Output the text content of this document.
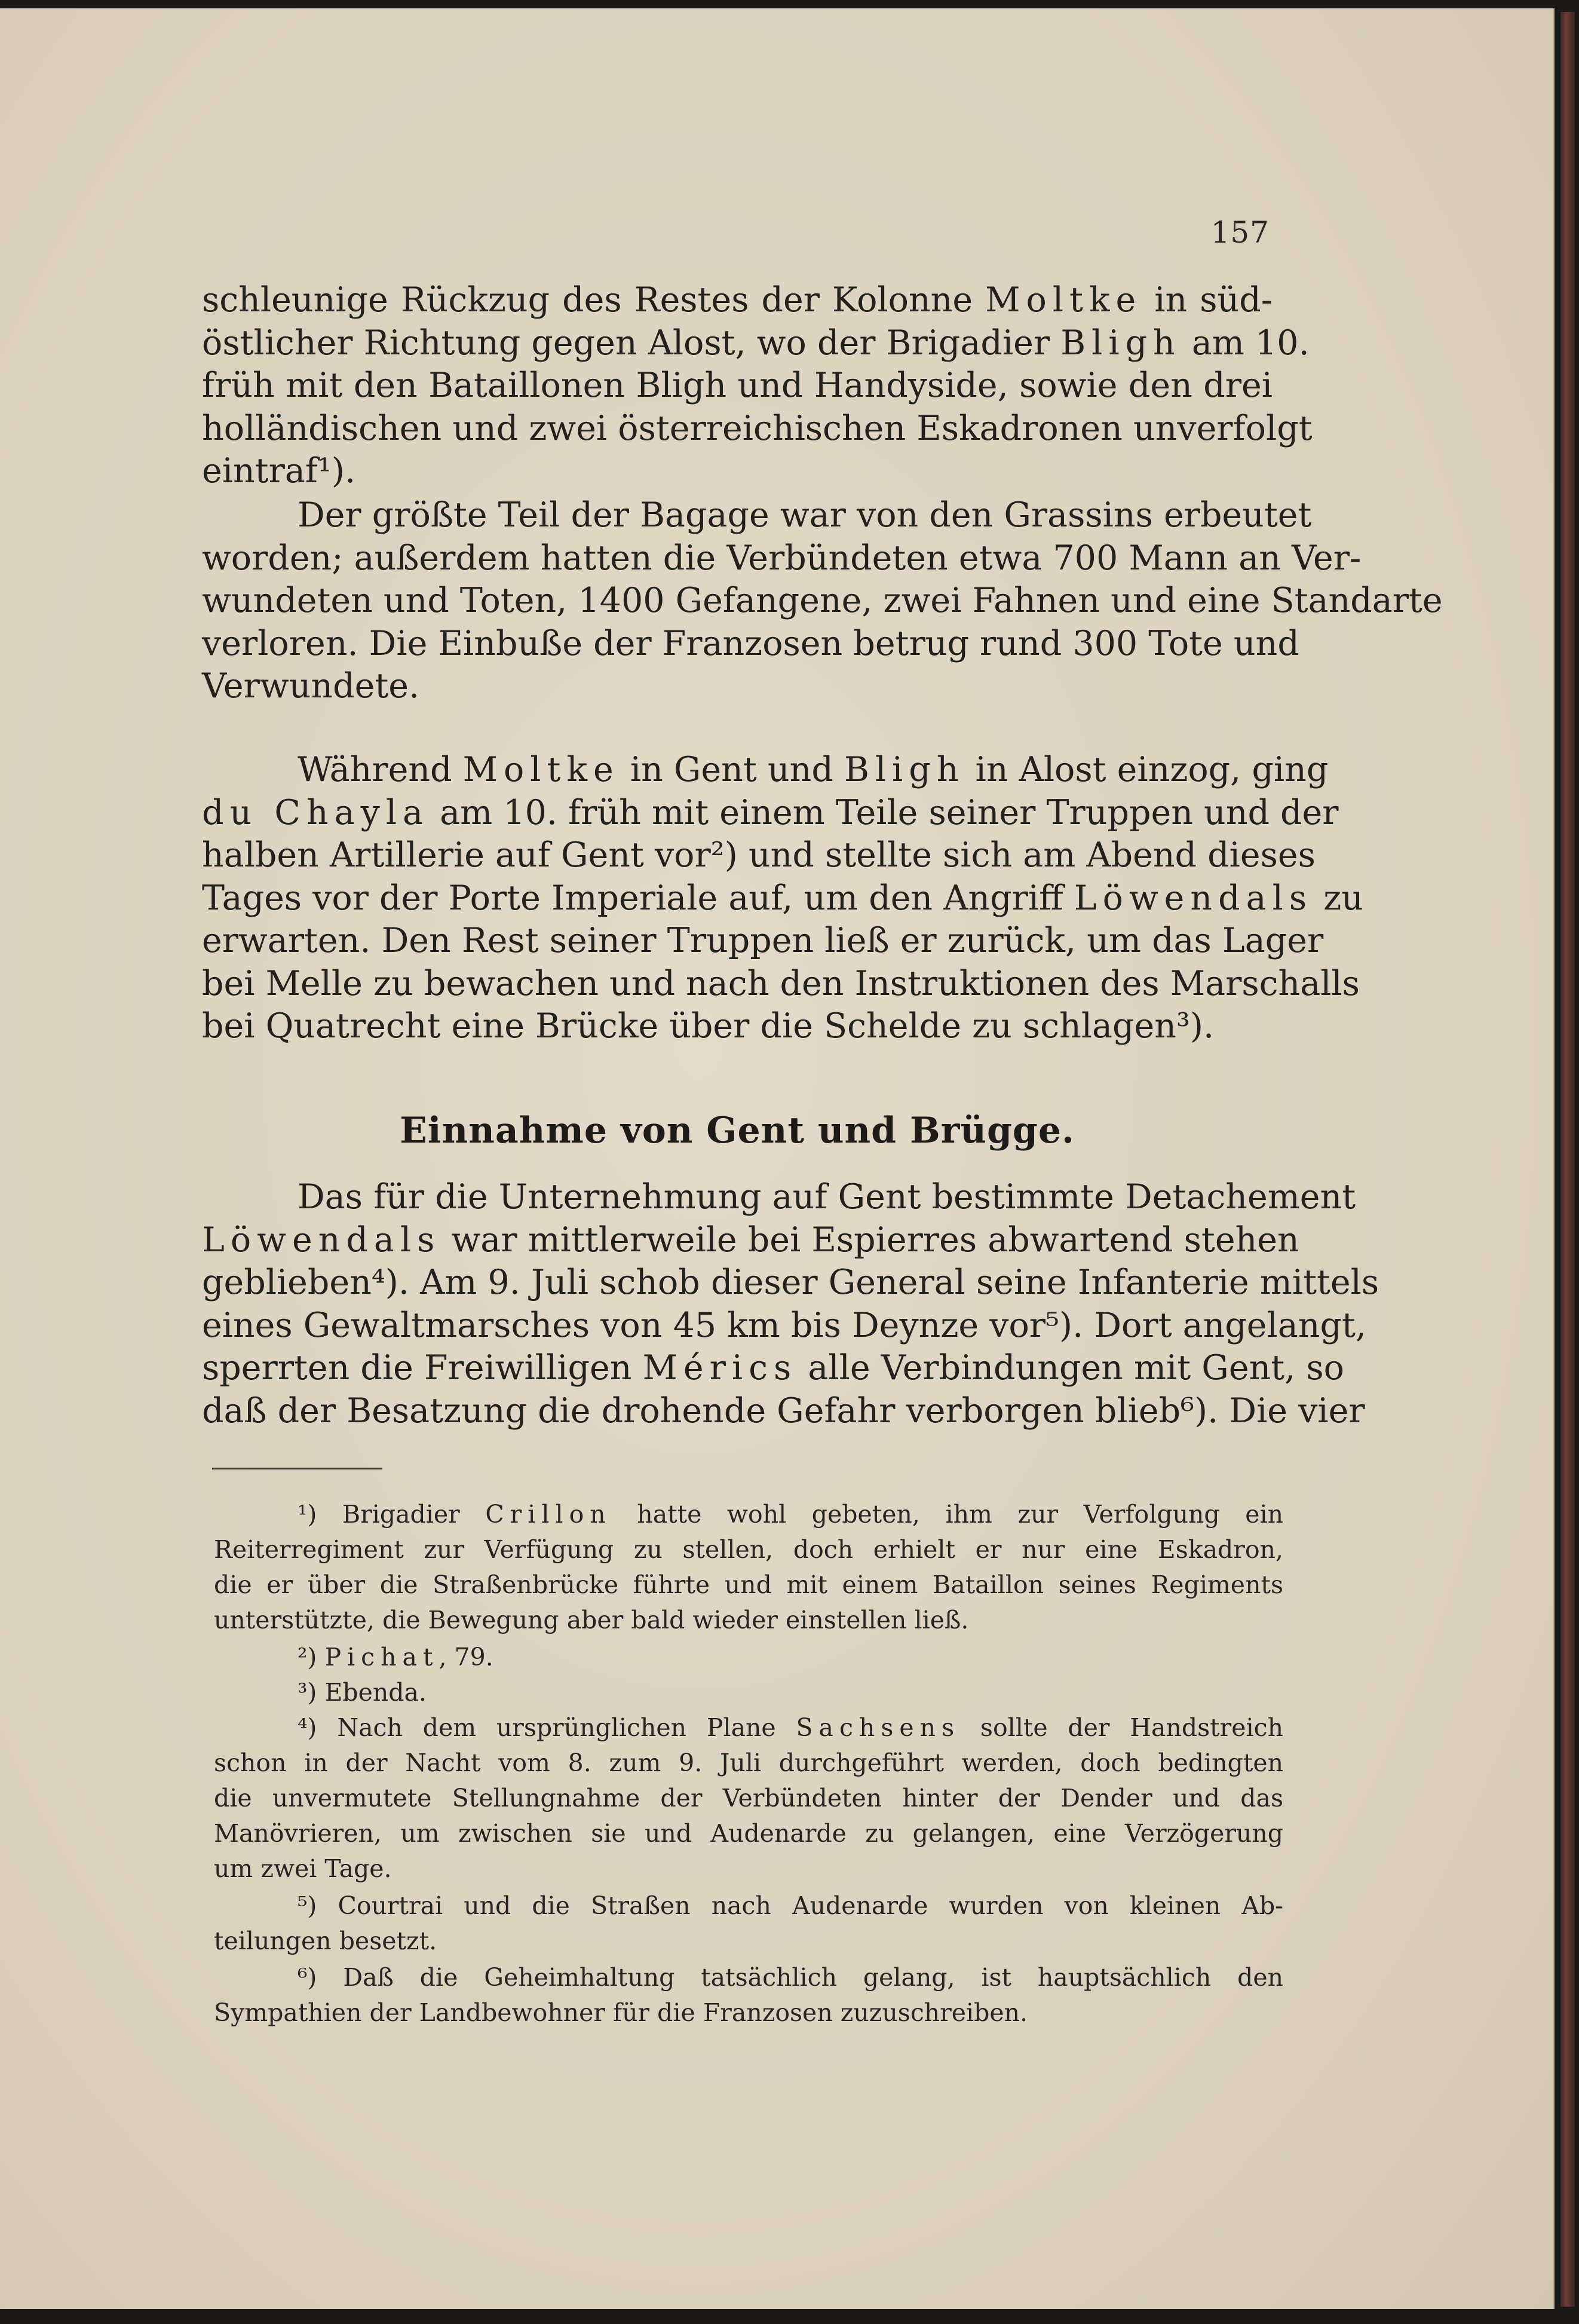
157
schleunige Rückzug des Restes der Kolonne Moltke in süd-
östlicher Richtung gegen Alost, wo der Brigadier Bligh am 10.
früh mit den Bataillonen Bligh und Handyside, sowie den drei
holländischen und zwei österreichischen Eskadronen unverfolgt
eintraf¹).
Der größte Teil der Bagage war von den Grassins erbeutet
worden; außerdem hatten die Verbündeten etwa 700 Mann an Ver-
wundeten und Toten, 1400 Gefangene, zwei Fahnen und eine Standarte
verloren. Die Einbuße der Franzosen betrug rund 300 Tote und
Verwundete.
Während Moltke in Gent und Bligh in Alost einzog, ging
du Chayla am 10. früh mit einem Teile seiner Truppen und der
halben Artillerie auf Gent vor²) und stellte sich am Abend dieses
Tages vor der Porte Imperiale auf, um den Angriff Löwendals
erwarten. Den Rest seiner Truppen ließ er zurück, um das Lager
bei Melle zu bewachen und nach den Instruktionen des Marschalls
bei Quatrecht eine Brücke über die Schelde zu schlagen³).
Einnahme von Gent und Brügge.
Das für die Unternehmung auf Gent bestimmte Detachement
Löwendals war mittlerweile bei Espierres abwartend stehen
geblieben⁴). Am 9. Juli schob dieser General seine Infanterie mittels
eines Gewaltmarsches von 45 km bis Deynze vor⁵). Dort angelangt,
sperrten die Freiwilligen Mérics alle Verbindungen mit Gent, so
daß der Besatzung die drohende Gefahr verborgen blieb⁶). Die vier
¹) Brigadier Crillon hatte wohl gebeten, ihm zur Verfolgung ein
Reiterregiment zur Verfügung zu stellen, doch erhielt er nur eine Eskadron,
die er über die Straßenbrücke führte und mit einem Bataillon seines Regiments
unterstützte, die Bewegung aber bald wieder einstellen ließ.
²) Pichat, 79.
³) Ebenda.
⁴) Nach dem ursprünglichen Plane Sachsens sollte der Handstreich
schon in der Nacht vom 8. zum 9. Juli durchgeführt werden, doch bedingten
die unvermutete Stellungnahme der Verbündeten hinter der Dender und das
Manövrieren, um zwischen sie und Audenarde zu gelangen, eine Verzögerung
um zwei Tage.
⁵) Courtrai und die Straßen nach Audenarde wurden von kleinen Ab-
teilungen besetzt.
⁶) Daß die Geheimhaltung tatsächlich gelang, ist hauptsächlich den
Sympathien der Landbewohner für die Franzosen zuzuschreiben.
